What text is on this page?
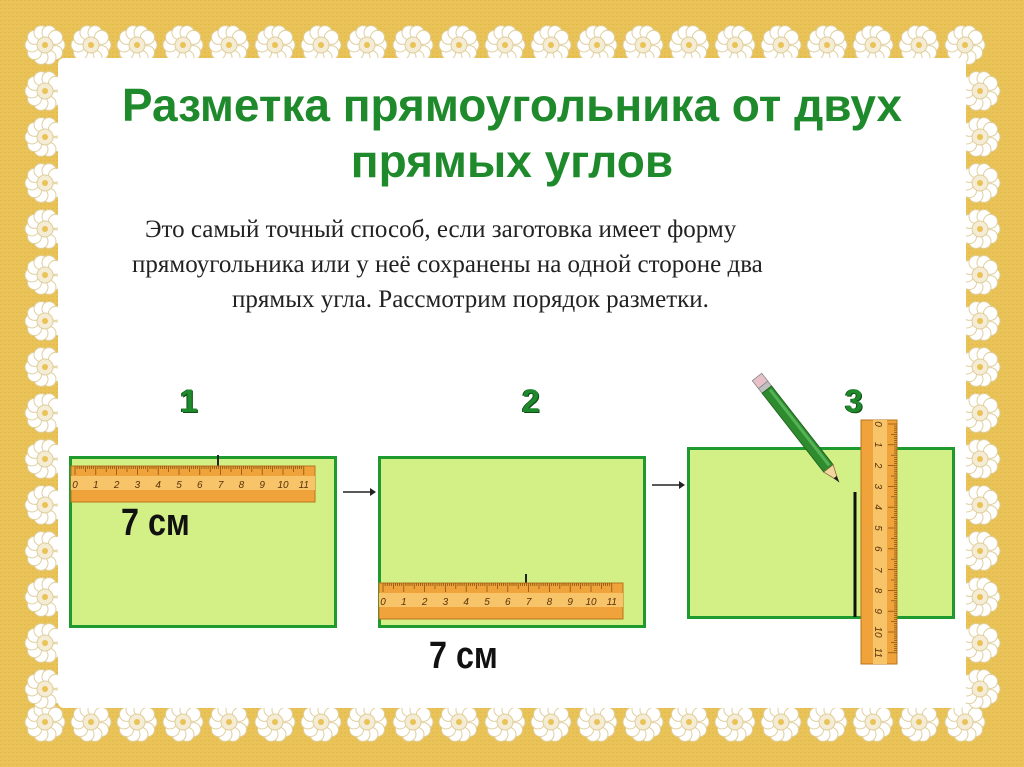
Разметка прямоугольника от двух
прямых углов
Это самый точный способ, если заготовка имеет форму
прямоугольника или у неё сохранены на одной стороне два
прямых угла. Рассмотрим порядок разметки.
1	2	3
0 1 2 3 4 5 6 7 8 9 10 11
0 1 2 3 4 5 6 7 8 9 10 11
0
1
2
3
4
5
6
7
8
9
10
11
7 см
7 см
